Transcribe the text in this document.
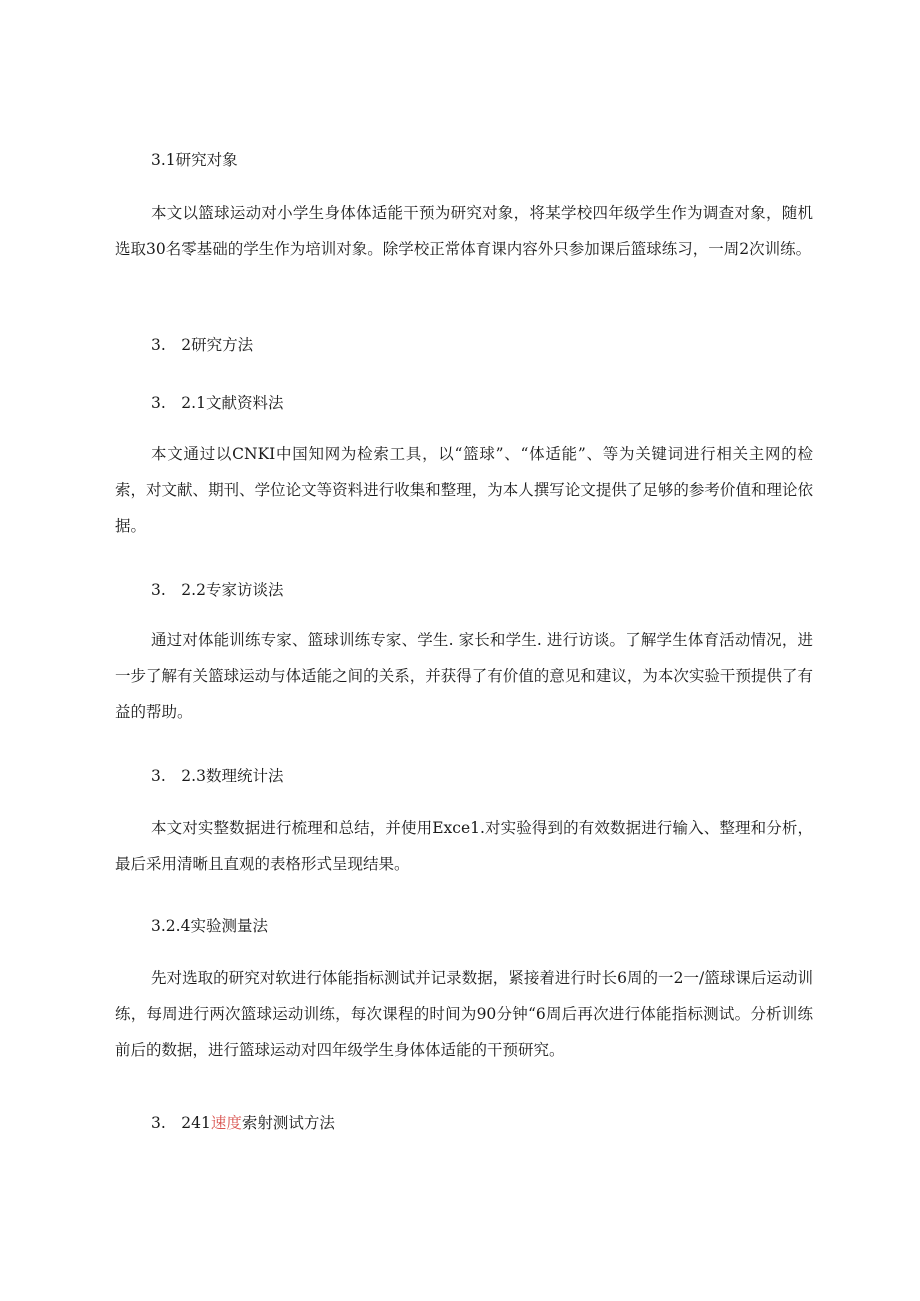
3.1研究对象

本文以篮球运动对小学生身体体适能干预为研究对象，将某学校四年级学生作为调查对象，随机选取30名零基础的学生作为培训对象。除学校正常体育课内容外只参加课后篮球练习，一周2次训练。

3.　2研究方法
3.　2.1文献资料法

本文通过以CNKI中国知网为检索工具，以“篮球”、“体适能”、等为关键词进行相关主网的检索，对文献、期刊、学位论文等资料进行收集和整理，为本人撰写论文提供了足够的参考价值和理论依据。

3.　2.2专家访谈法

通过对体能训练专家、篮球训练专家、学生. 家长和学生. 进行访谈。了解学生体育活动情况，进一步了解有关篮球运动与体适能之间的关系，并获得了有价值的意见和建议，为本次实验干预提供了有益的帮助。

3.　2.3数理统计法

本文对实整数据进行梳理和总结，并使用Exce1.对实验得到的有效数据进行输入、整理和分析，最后采用清晰且直观的表格形式呈现结果。

3.2.4实验测量法

先对选取的研究对软进行体能指标测试并记录数据，紧接着进行时长6周的一2一/篮球课后运动训练，每周进行两次篮球运动训练，每次课程的时间为90分钟“6周后再次进行体能指标测试。分析训练前后的数据，进行篮球运动对四年级学生身体体适能的干预研究。

3.　241速度索射测试方法
